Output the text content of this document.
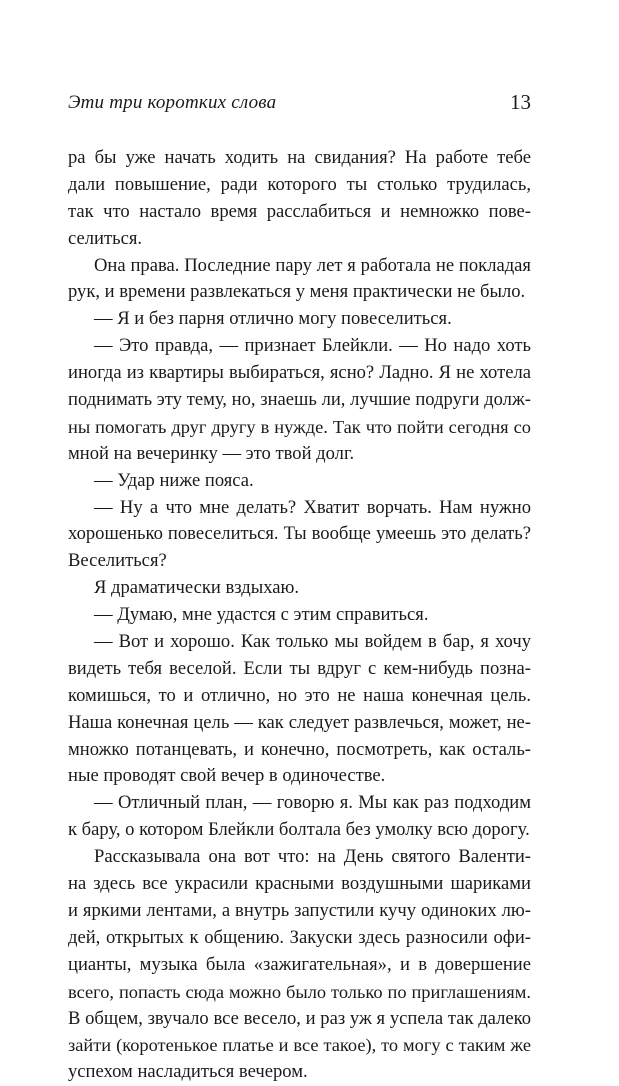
Эти три коротких слова	13
ра бы уже начать ходить на свидания? На работе тебе
дали повышение, ради которого ты столько трудилась,
так что настало время расслабиться и немножко пове-
селиться.
Она права. Последние пару лет я работала не покладая
рук, и времени развлекаться у меня практически не было.
— Я и без парня отлично могу повеселиться.
— Это правда, — признает Блейкли. — Но надо хоть
иногда из квартиры выбираться, ясно? Ладно. Я не хотела
поднимать эту тему, но, знаешь ли, лучшие подруги долж-
ны помогать друг другу в нужде. Так что пойти сегодня со
мной на вечеринку — это твой долг.
— Удар ниже пояса.
— Ну а что мне делать? Хватит ворчать. Нам нужно
хорошенько повеселиться. Ты вообще умеешь это делать?
Веселиться?
Я драматически вздыхаю.
— Думаю, мне удастся с этим справиться.
— Вот и хорошо. Как только мы войдем в бар, я хочу
видеть тебя веселой. Если ты вдруг с кем-нибудь позна-
комишься, то и отлично, но это не наша конечная цель.
Наша конечная цель — как следует развлечься, может, не-
множко потанцевать, и конечно, посмотреть, как осталь-
ные проводят свой вечер в одиночестве.
— Отличный план, — говорю я. Мы как раз подходим
к бару, о котором Блейкли болтала без умолку всю дорогу.
Рассказывала она вот что: на День святого Валенти-
на здесь все украсили красными воздушными шариками
и яркими лентами, а внутрь запустили кучу одиноких лю-
дей, открытых к общению. Закуски здесь разносили офи-
цианты, музыка была «зажигательная», и в довершение
всего, попасть сюда можно было только по приглашениям.
В общем, звучало все весело, и раз уж я успела так далеко
зайти (коротенькое платье и все такое), то могу с таким же
успехом насладиться вечером.
